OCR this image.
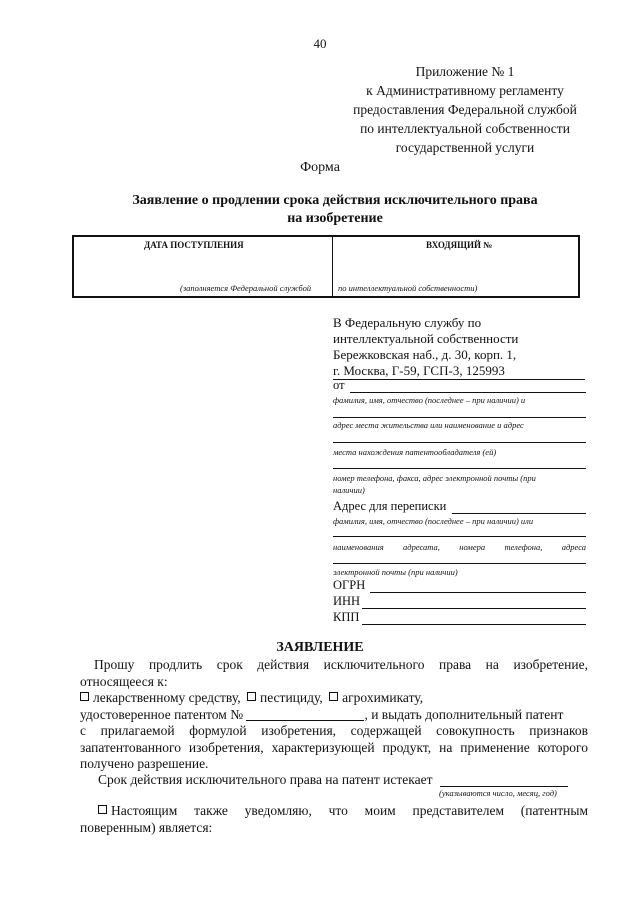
40
Приложение № 1
к Административному регламенту
предоставления Федеральной службой
по интеллектуальной собственности
государственной услуги
Форма
Заявление о продлении срока действия исключительного права
на изобретение
ДАТА ПОСТУПЛЕНИЯ	ВХОДЯЩИЙ №
(заполняется Федеральной службой	по интеллектуальной собственности)
В Федеральную службу по
интеллектуальной собственности
Бережковская наб., д. 30, корп. 1,
г. Москва, Г-59, ГСП-3, 125993
от
фамилия, имя, отчество (последнее – при наличии) и
адрес места жительства или наименование и адрес
места нахождения патентообладателя (ей)
номер телефона, факса, адрес электронной почты (при
наличии)
Адрес для переписки
фамилия, имя, отчество (последнее – при наличии) или
наименования адресата, номера телефона, адреса
электронной почты (при наличии)
ОГРН
ИНН
КПП
ЗАЯВЛЕНИЕ
Прошу продлить срок действия исключительного права на изобретение,
относящееся к:
лекарственному средству, пестициду, агрохимикату,
удостоверенное патентом №	, и выдать дополнительный патент
с прилагаемой формулой изобретения, содержащей совокупность признаков
запатентованного изобретения, характеризующей продукт, на применение которого
получено разрешение.
Срок действия исключительного права на патент истекает
(указываются число, месяц, год)
Настоящим также уведомляю, что моим представителем (патентным
поверенным) является:
